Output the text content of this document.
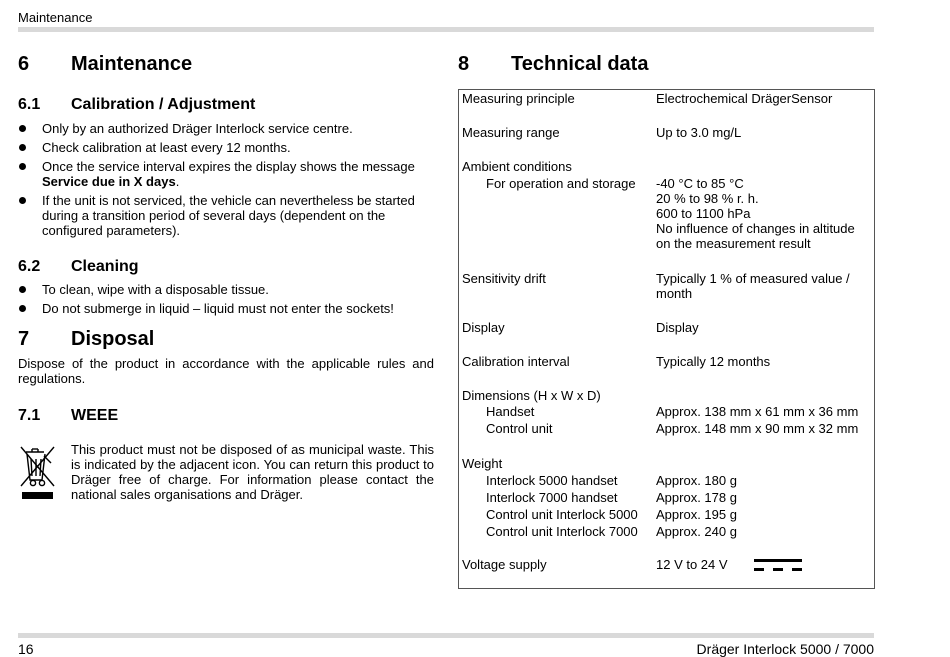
Maintenance
6 Maintenance
6.1 Calibration / Adjustment
Only by an authorized Dräger Interlock service centre.
Check calibration at least every 12 months.
Once the service interval expires the display shows the message Service due in X days.
If the unit is not serviced, the vehicle can nevertheless be started during a transition period of several days (dependent on the configured parameters).
6.2 Cleaning
To clean, wipe with a disposable tissue.
Do not submerge in liquid – liquid must not enter the sockets!
7 Disposal
Dispose of the product in accordance with the applicable rules and regulations.
7.1 WEEE
This product must not be disposed of as municipal waste. This is indicated by the adjacent icon. You can return this product to Dräger free of charge. For information please contact the national sales organisations and Dräger.
8 Technical data
Measuring principle	Electrochemical DrägerSensor
Measuring range	Up to 3.0 mg/L
Ambient conditions
For operation and storage -40 °C to 85 °C
20 % to 98 % r. h.
600 to 1100 hPa
No influence of changes in altitude
on the measurement result
Sensitivity drift	Typically 1 % of measured value /
month
Display	Display
Calibration interval	Typically 12 months
Dimensions (H x W x D)
Handset	Approx. 138 mm x 61 mm x 36 mm
Control unit	Approx. 148 mm x 90 mm x 32 mm
Weight
Interlock 5000 handset	Approx. 180 g
Interlock 7000 handset	Approx. 178 g
Control unit Interlock 5000 Approx. 195 g
Control unit Interlock 7000 Approx. 240 g
Voltage supply	12 V to 24 V
16	Dräger Interlock 5000 / 7000
